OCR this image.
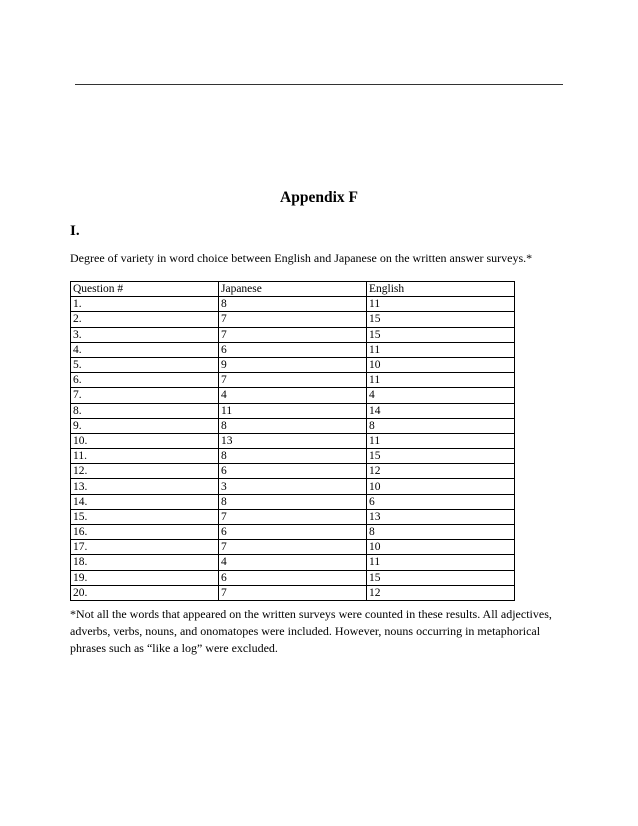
Appendix F
I.
Degree of variety in word choice between English and Japanese on the written answer surveys.*
Question #	Japanese	English
1.	8	11
2.	7	15
3.	7	15
4.	6	11
5.	9	10
6.	7	11
7.	4	4
8.	11	14
9.	8	8
10.	13	11
11.	8	15
12.	6	12
13.	3	10
14.	8	6
15.	7	13
16.	6	8
17.	7	10
18.	4	11
19.	6	15
20.	7	12
*Not all the words that appeared on the written surveys were counted in these results. All adjectives, adverbs, verbs, nouns, and onomatopes were included. However, nouns occurring in metaphorical phrases such as “like a log” were excluded.
